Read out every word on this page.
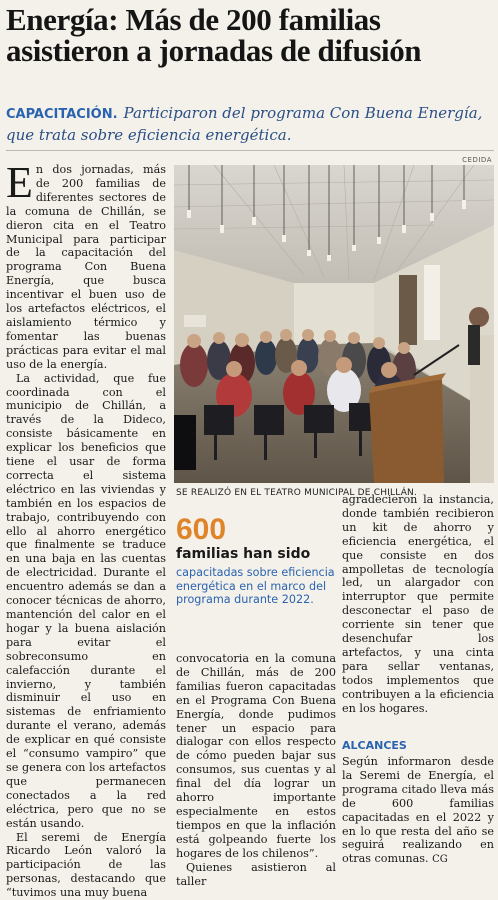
Energía: Más de 200 familias asistieron a jornadas de difusión
CAPACITACIÓN. Participaron del programa Con Buena Energía, que trata sobre eficiencia energética.

En dos jornadas, más de 200 familias de diferentes sectores de la comuna de Chillán, se dieron cita en el Teatro Municipal para participar de la capacitación del programa Con Buena Energía, que busca incentivar el buen uso de los artefactos eléctricos, el aislamiento térmico y fomentar las buenas prácticas para evitar el mal uso de la energía.

La actividad, que fue coordinada con el municipio de Chillán, a través de la Dideco, consiste básicamente en explicar los beneficios que tiene el usar de forma correcta el sistema eléctrico en las viviendas y también en los espacios de trabajo, contribuyendo con ello al ahorro energético que finalmente se traduce en una baja en las cuentas de electricidad. Durante el encuentro además se dan a conocer técnicas de ahorro, mantención del calor en el hogar y la buena aislación para evitar el sobreconsumo en calefacción durante el invierno, y también disminuir el uso en sistemas de enfriamiento durante el verano, además de explicar en qué consiste el “consumo vampiro” que se genera con los artefactos que permanecen conectados a la red eléctrica, pero que no se están usando.

El seremi de Energía Ricardo León valoró la participación de las personas, destacando que “tuvimos una muy buena

CEDIDA
SE REALIZÓ EN EL TEATRO MUNICIPAL DE CHILLÁN.
600
familias han sido
capacitadas sobre eficiencia energética en el marco del programa durante 2022.

convocatoria en la comuna de Chillán, más de 200 familias fueron capacitadas en el Programa Con Buena Energía, donde pudimos tener un espacio para dialogar con ellos respecto de cómo pueden bajar sus consumos, sus cuentas y al final del día lograr un ahorro importante especialmente en estos tiempos en que la inflación está golpeando fuerte los hogares de los chilenos”.

Quienes asistieron al taller

agradecieron la instancia, donde también recibieron un kit de ahorro y eficiencia energética, el que consiste en dos ampolletas de tecnología led, un alargador con interruptor que permite desconectar el paso de corriente sin tener que desenchufar los artefactos, y una cinta para sellar ventanas, todos implementos que contribuyen a la eficiencia en los hogares.

ALCANCES

Según informaron desde la Seremi de Energía, el programa citado lleva más de 600 familias capacitadas en el 2022 y en lo que resta del año se seguirá realizando en otras comunas. CG
